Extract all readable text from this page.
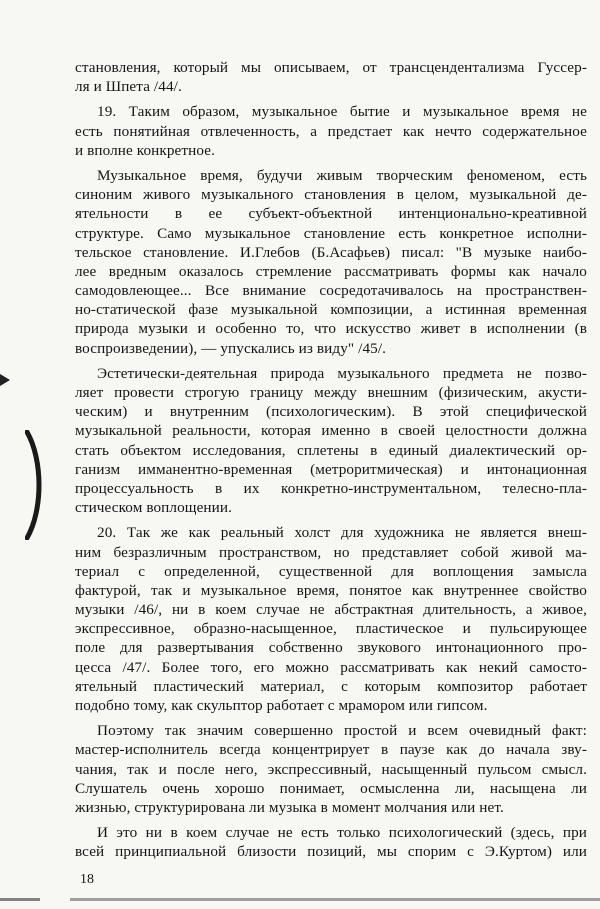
становления, который мы описываем, от трансцендентализма Гуссер-
ля и Шпета /44/.
19. Таким образом, музыкальное бытие и музыкальное время не
есть понятийная отвлеченность, а предстает как нечто содержательное
и вполне конкретное.
Музыкальное время, будучи живым творческим феноменом, есть
синоним живого музыкального становления в целом, музыкальной де-
ятельности в ее субъект-объектной интенционально-креативной
структуре. Само музыкальное становление есть конкретное исполни-
тельское становление. И.Глебов (Б.Асафьев) писал: "В музыке наибо-
лее вредным оказалось стремление рассматривать формы как начало
самодовлеющее... Все внимание сосредотачивалось на пространствен-
но-статической фазе музыкальной композиции, а истинная временная
природа музыки и особенно то, что искусство живет в исполнении (в
воспроизведении), — упускались из виду" /45/.
Эстетически-деятельная природа музыкального предмета не позво-
ляет провести строгую границу между внешним (физическим, акусти-
ческим) и внутренним (психологическим). В этой специфической
музыкальной реальности, которая именно в своей целостности должна
стать объектом исследования, сплетены в единый диалектический ор-
ганизм имманентно-временная (метроритмическая) и интонационная
процессуальность в их конкретно-инструментальном, телесно-пла-
стическом воплощении.
20. Так же как реальный холст для художника не является внеш-
ним безразличным пространством, но представляет собой живой ма-
териал с определенной, существенной для воплощения замысла
фактурой, так и музыкальное время, понятое как внутреннее свойство
музыки /46/, ни в коем случае не абстрактная длительность, а живое,
экспрессивное, образно-насыщенное, пластическое и пульсирующее
поле для развертывания собственно звукового интонационного про-
цесса /47/. Более того, его можно рассматривать как некий самосто-
ятельный пластический материал, с которым композитор работает
подобно тому, как скульптор работает с мрамором или гипсом.
Поэтому так значим совершенно простой и всем очевидный факт:
мастер-исполнитель всегда концентрирует в паузе как до начала зву-
чания, так и после него, экспрессивный, насыщенный пульсом смысл.
Слушатель очень хорошо понимает, осмысленна ли, насыщена ли
жизнью, структурирована ли музыка в момент молчания или нет.
И это ни в коем случае не есть только психологический (здесь, при
всей принципиальной близости позиций, мы спорим с Э.Куртом) или
18
